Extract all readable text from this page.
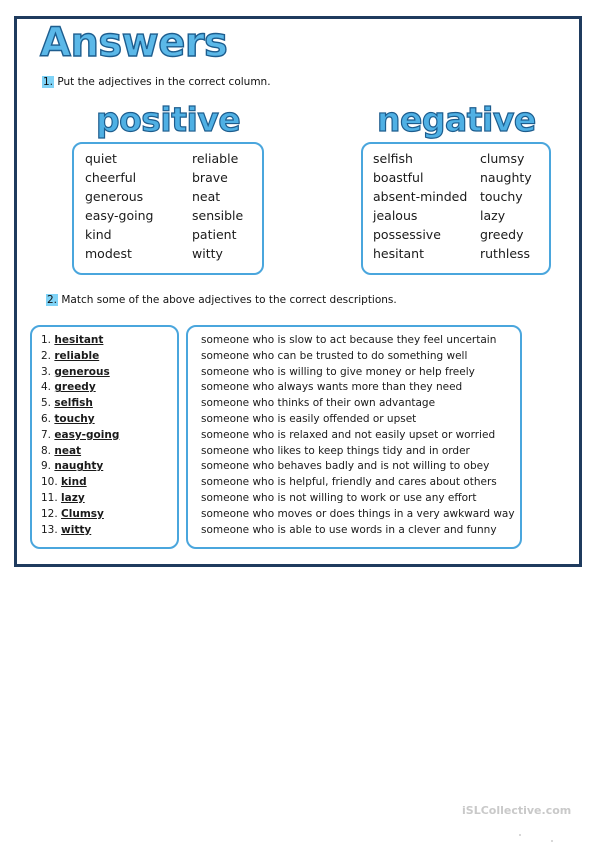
Answers
1. Put the adjectives in the correct column.
positive
quiet
cheerful
generous
easy-going
kind
modest
reliable
brave
neat
sensible
patient
witty
negative
selfish
boastful
absent-minded
jealous
possessive
hesitant
clumsy
naughty
touchy
lazy
greedy
ruthless
2. Match some of the above adjectives to the correct descriptions.
1. hesitant
2. reliable
3. generous
4. greedy
5. selfish
6. touchy
7. easy-going
8. neat
9. naughty
10. kind
11. lazy
12. Clumsy
13. witty
someone who is slow to act because they feel uncertain
someone who can be trusted to do something well
someone who is willing to give money or help freely
someone who always wants more than they need
someone who thinks of their own advantage
someone who is easily offended or upset
someone who is relaxed and not easily upset or worried
someone who likes to keep things tidy and in order
someone who behaves badly and is not willing to obey
someone who is helpful, friendly and cares about others
someone who is not willing to work or use any effort
someone who moves or does things in a very awkward way
someone who is able to use words in a clever and funny
iSLCollective.com
